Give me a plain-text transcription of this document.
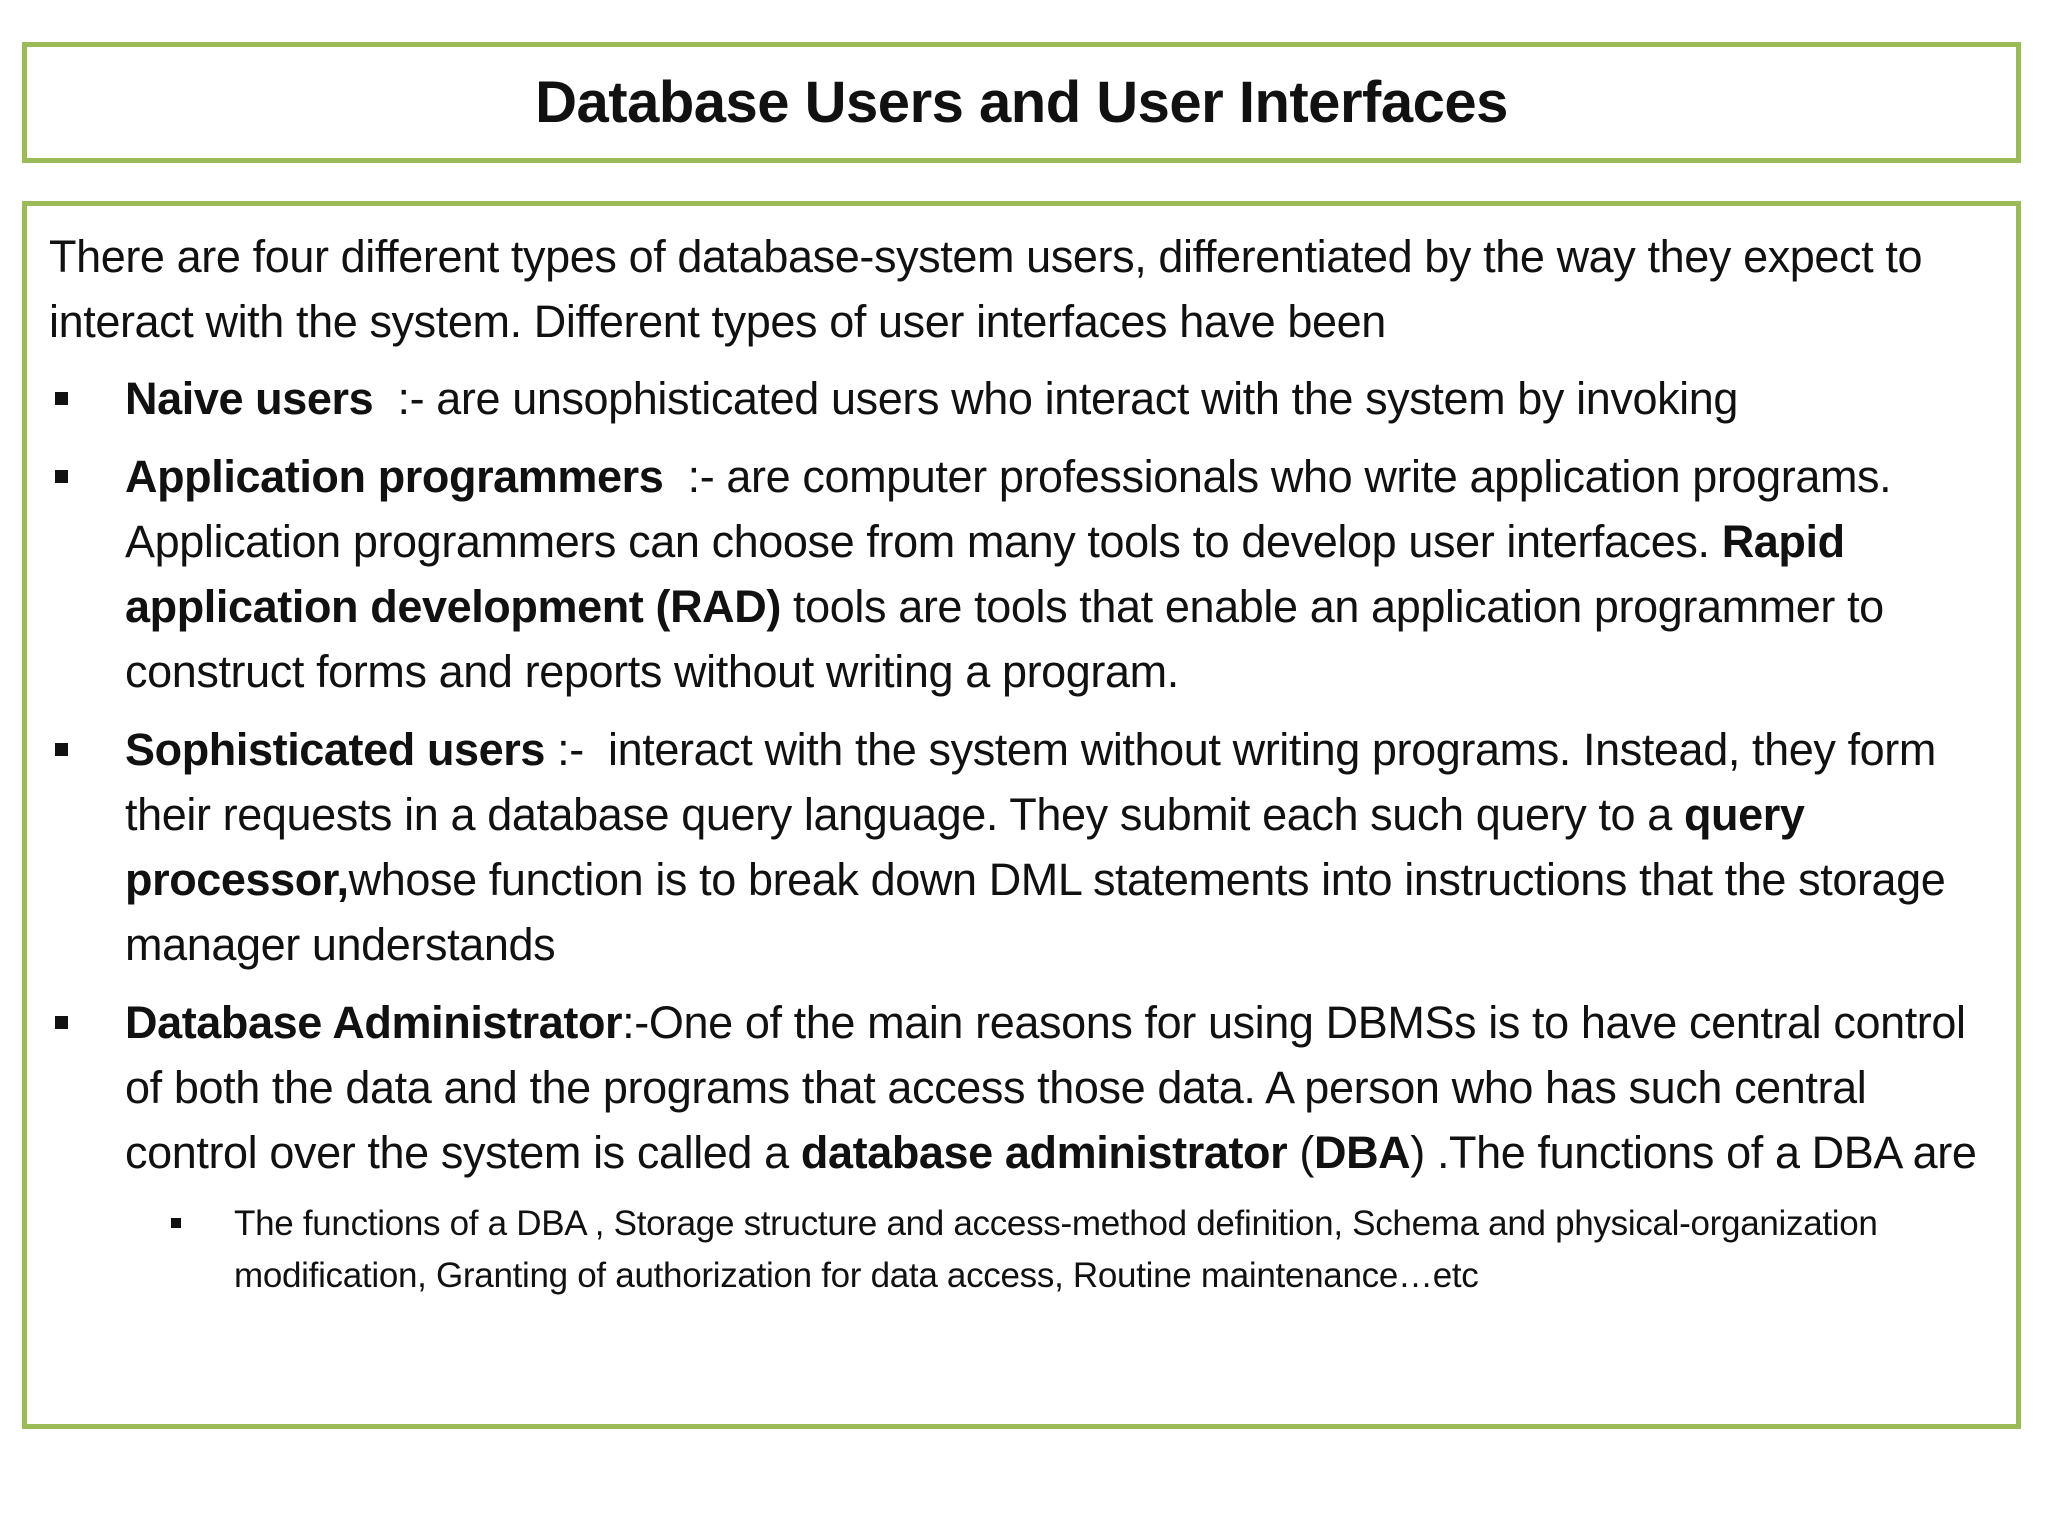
Database Users and User Interfaces

There are four different types of database-system users, differentiated by the way they expect to interact with the system. Different types of user interfaces have been

Naive users  :- are unsophisticated users who interact with the system by invoking
Application programmers  :- are computer professionals who write application programs. Application programmers can choose from many tools to develop user interfaces. Rapid application development (RAD) tools are tools that enable an application programmer to construct forms and reports without writing a program.
Sophisticated users :-  interact with the system without writing programs. Instead, they form their requests in a database query language. They submit each such query to a query processor,whose function is to break down DML statements into instructions that the storage manager understands
Database Administrator:-One of the main reasons for using DBMSs is to have central control of both the data and the programs that access those data. A person who has such central control over the system is called a database administrator (DBA) .The functions of a DBA are
The functions of a DBA , Storage structure and access-method definition, Schema and physical-organization modification, Granting of authorization for data access, Routine maintenance…etc
